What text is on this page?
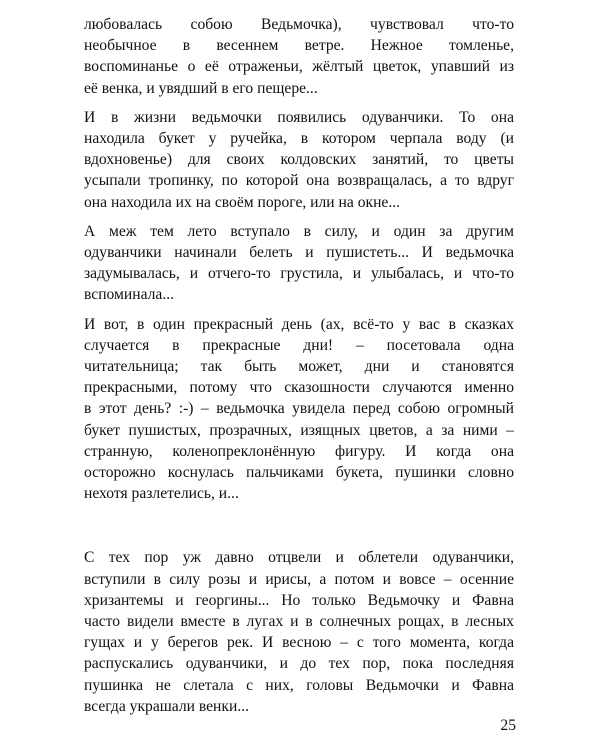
любовалась собою Ведьмочка), чувствовал что-то
необычное в весеннем ветре. Нежное томленье,
воспоминанье о её отраженьи, жёлтый цветок, упавший из
её венка, и увядший в его пещере...
И в жизни ведьмочки появились одуванчики. То она
находила букет у ручейка, в котором черпала воду (и
вдохновенье) для своих колдовских занятий, то цветы
усыпали тропинку, по которой она возвращалась, а то вдруг
она находила их на своём пороге, или на окне...
А меж тем лето вступало в силу, и один за другим
одуванчики начинали белеть и пушистеть... И ведьмочка
задумывалась, и отчего-то грустила, и улыбалась, и что-то
вспоминала...
И вот, в один прекрасный день (ах, всё-то у вас в сказках
случается в прекрасные дни! – посетовала одна
читательница; так быть может, дни и становятся
прекрасными, потому что сказошности случаются именно
в этот день? :-) – ведьмочка увидела перед собою огромный
букет пушистых, прозрачных, изящных цветов, а за ними –
странную, коленопреклонённую фигуру. И когда она
осторожно коснулась пальчиками букета, пушинки словно
нехотя разлетелись, и...
С тех пор уж давно отцвели и облетели одуванчики,
вступили в силу розы и ирисы, а потом и вовсе – осенние
хризантемы и георгины... Но только Ведьмочку и Фавна
часто видели вместе в лугах и в солнечных рощах, в лесных
гущах и у берегов рек. И весною – с того момента, когда
распускались одуванчики, и до тех пор, пока последняя
пушинка не слетала с них, головы Ведьмочки и Фавна
всегда украшали венки...
25
